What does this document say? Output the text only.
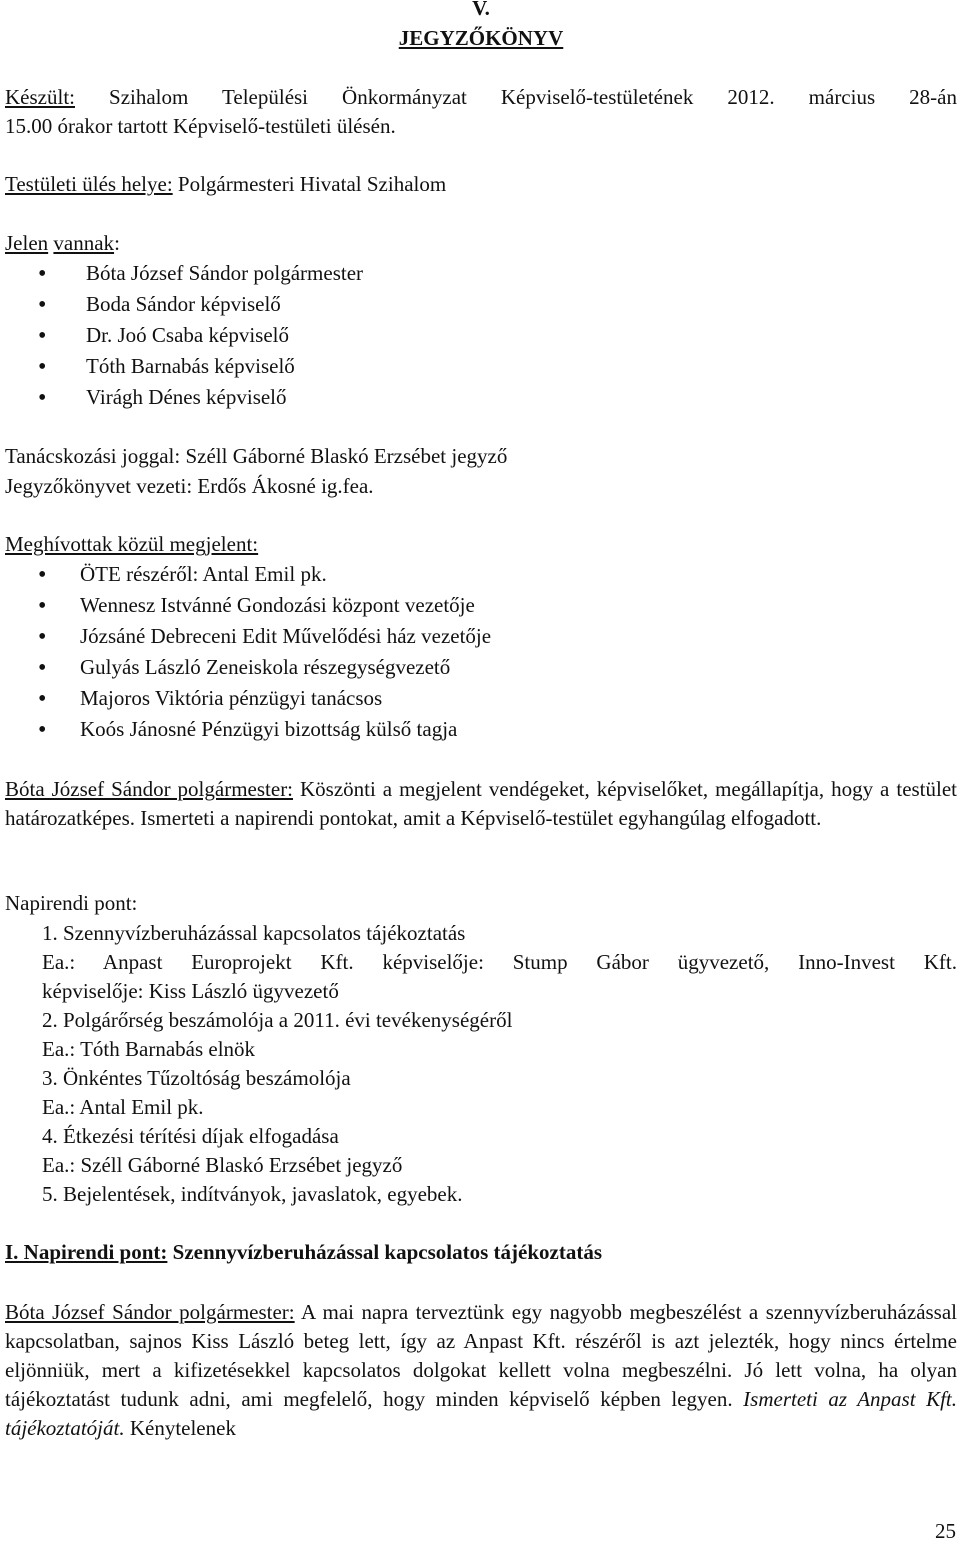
V.
JEGYZŐKÖNYV
Készült: Szihalom Települési Önkormányzat Képviselő-testületének 2012. március 28-án
15.00 órakor tartott Képviselő-testületi ülésén.
Testületi ülés helye: Polgármesteri Hivatal Szihalom
Jelen vannak:
Bóta József Sándor polgármester
Boda Sándor képviselő
Dr. Joó Csaba képviselő
Tóth Barnabás képviselő
Virágh Dénes képviselő
Tanácskozási joggal: Széll Gáborné Blaskó Erzsébet jegyző
Jegyzőkönyvet vezeti: Erdős Ákosné ig.fea.
Meghívottak közül megjelent:
ÖTE részéről: Antal Emil pk.
Wennesz Istvánné Gondozási központ vezetője
Józsáné Debreceni Edit Művelődési ház vezetője
Gulyás László Zeneiskola részegységvezető
Majoros Viktória pénzügyi tanácsos
Koós Jánosné Pénzügyi bizottság külső tagja
Bóta József Sándor polgármester: Köszönti a megjelent vendégeket, képviselőket, megállapítja, hogy a testület határozatképes. Ismerteti a napirendi pontokat, amit a Képviselő-testület egyhangúlag elfogadott.
Napirendi pont:
1. Szennyvízberuházással kapcsolatos tájékoztatás
Ea.: Anpast Europrojekt Kft. képviselője: Stump Gábor ügyvezető, Inno-Invest Kft.
képviselője: Kiss László ügyvezető
2. Polgárőrség beszámolója a 2011. évi tevékenységéről
Ea.: Tóth Barnabás elnök
3. Önkéntes Tűzoltóság beszámolója
Ea.: Antal Emil pk.
4. Étkezési térítési díjak elfogadása
Ea.: Széll Gáborné Blaskó Erzsébet jegyző
5. Bejelentések, indítványok, javaslatok, egyebek.
I. Napirendi pont: Szennyvízberuházással kapcsolatos tájékoztatás
Bóta József Sándor polgármester: A mai napra terveztünk egy nagyobb megbeszélést a szennyvízberuházással kapcsolatban, sajnos Kiss László beteg lett, így az Anpast Kft. részéről is azt jelezték, hogy nincs értelme eljönniük, mert a kifizetésekkel kapcsolatos dolgokat kellett volna megbeszélni. Jó lett volna, ha olyan tájékoztatást tudunk adni, ami megfelelő, hogy minden képviselő képben legyen. Ismerteti az Anpast Kft. tájékoztatóját. Kénytelenek
25
